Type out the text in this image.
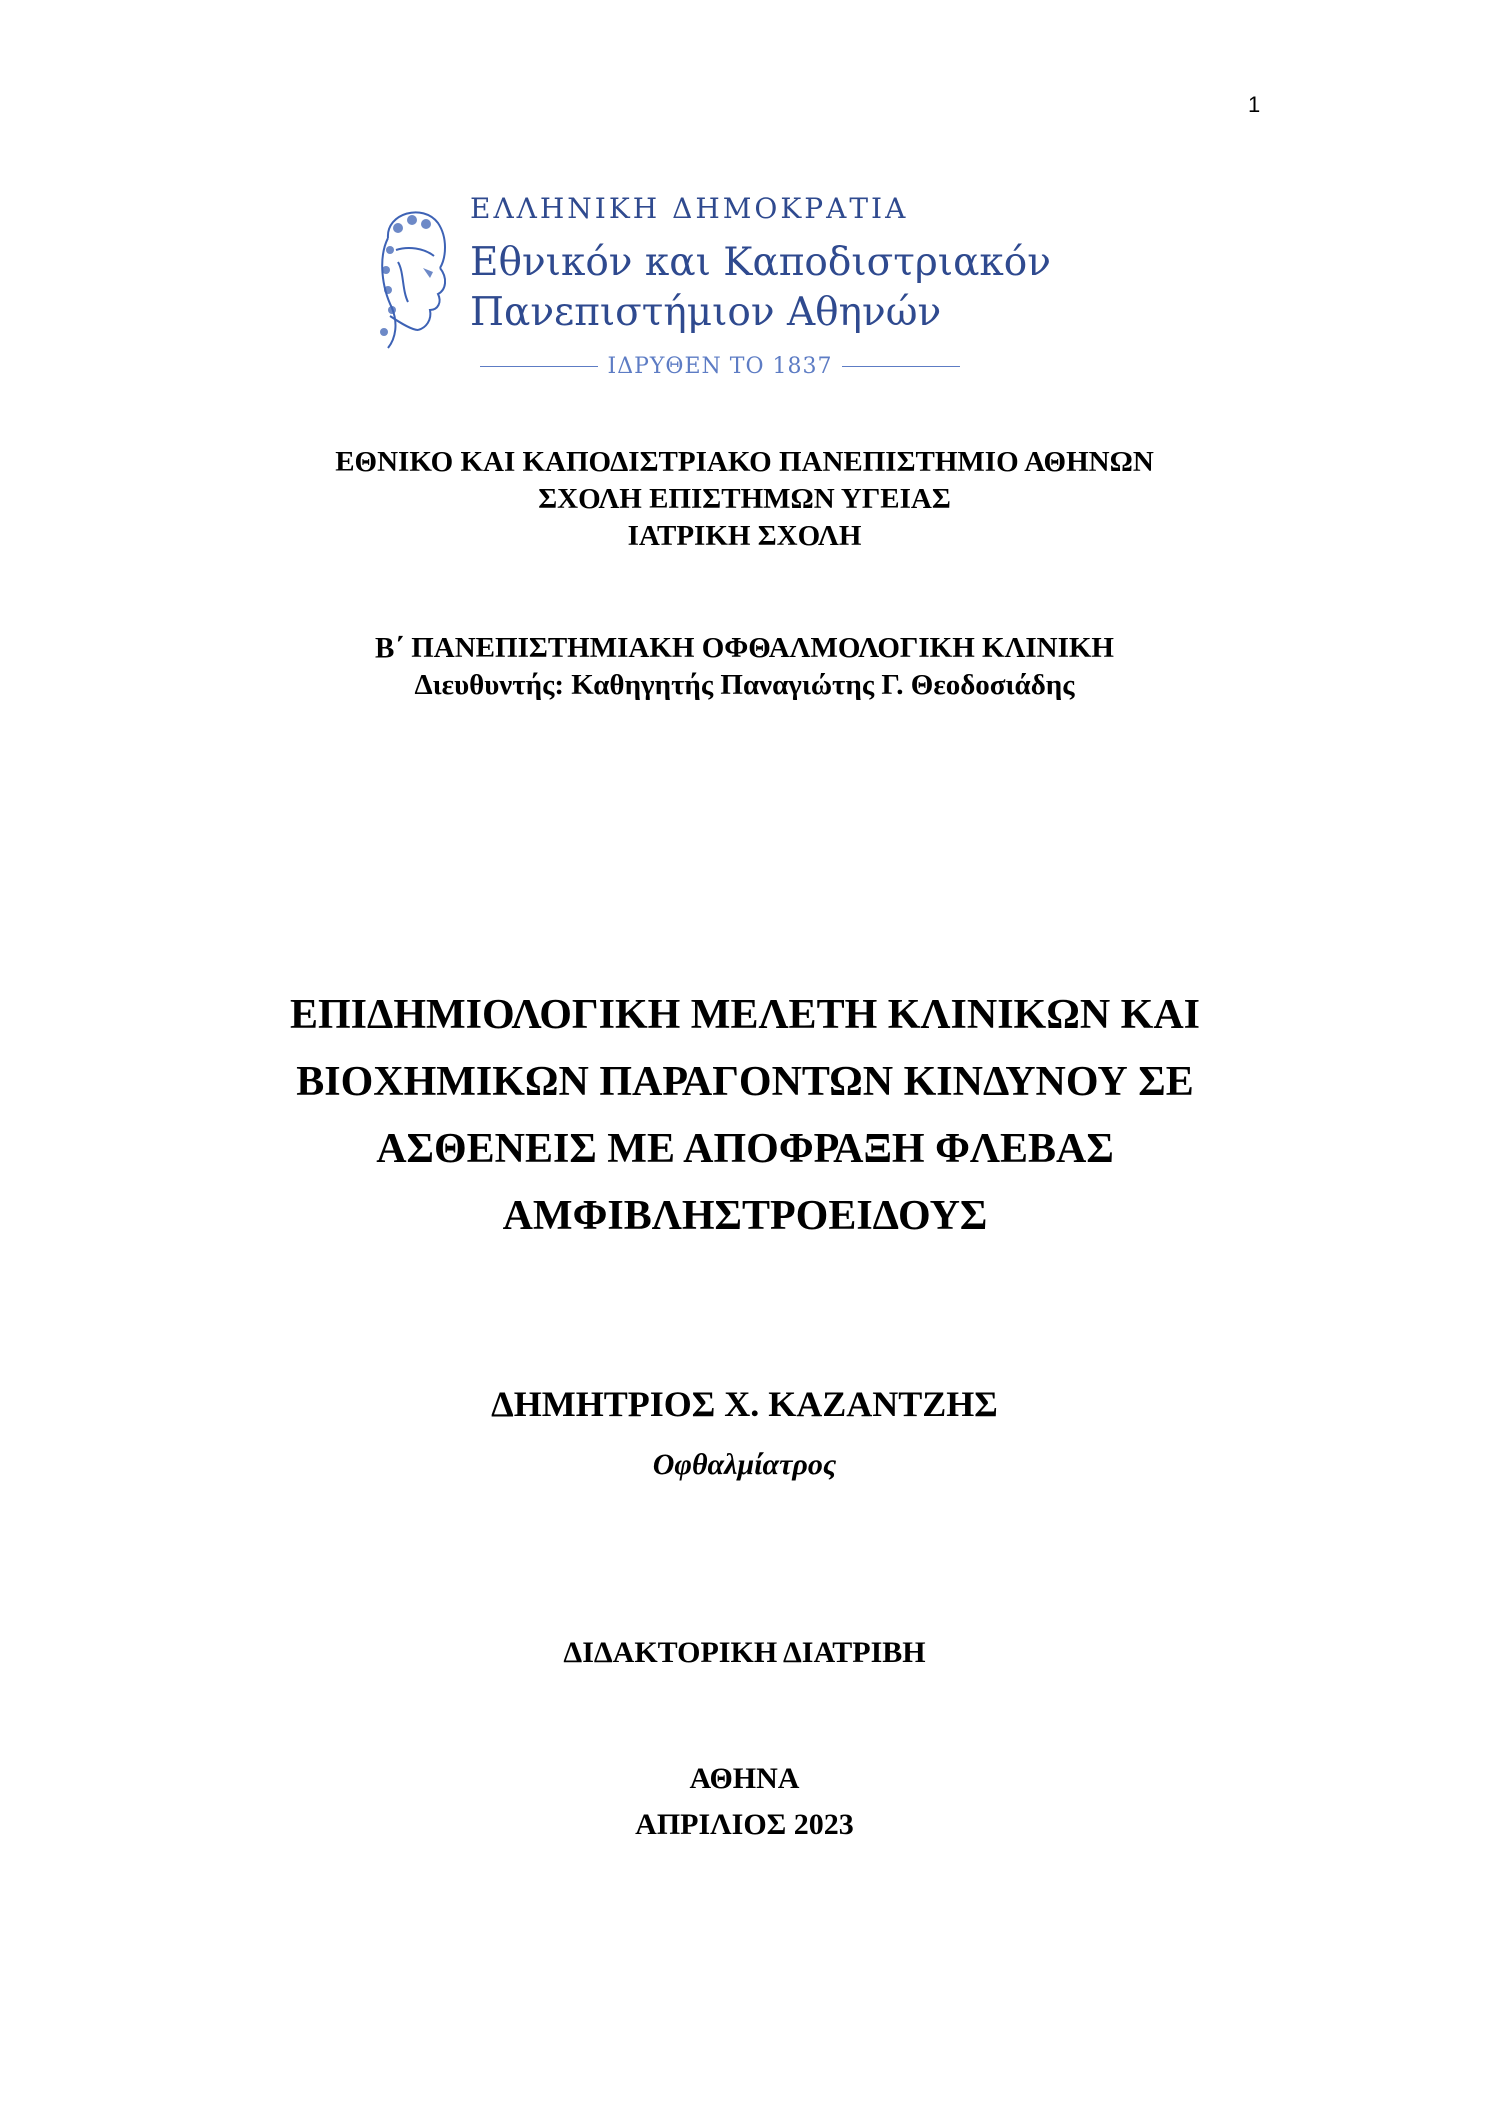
1
ΕΛΛΗΝΙΚΗ ΔΗΜΟΚΡΑΤΙΑ
Εθνικόν και Καποδιστριακόν
Πανεπιστήμιον Αθηνών
ΙΔΡΥΘΕΝ ΤΟ 1837
ΕΘΝΙΚΟ ΚΑΙ ΚΑΠΟΔΙΣΤΡΙΑΚΟ ΠΑΝΕΠΙΣΤΗΜΙΟ ΑΘΗΝΩΝ
ΣΧΟΛΗ ΕΠΙΣΤΗΜΩΝ ΥΓΕΙΑΣ
ΙΑΤΡΙΚΗ ΣΧΟΛΗ
Β΄ ΠΑΝΕΠΙΣΤΗΜΙΑΚΗ ΟΦΘΑΛΜΟΛΟΓΙΚΗ ΚΛΙΝΙΚΗ
Διευθυντής: Καθηγητής Παναγιώτης Γ. Θεοδοσιάδης
ΕΠΙΔΗΜΙΟΛΟΓΙΚΗ ΜΕΛΕΤΗ ΚΛΙΝΙΚΩΝ ΚΑΙ
ΒΙΟΧΗΜΙΚΩΝ ΠΑΡΑΓΟΝΤΩΝ ΚΙΝΔΥΝΟΥ ΣΕ
ΑΣΘΕΝΕΙΣ ΜΕ ΑΠΟΦΡΑΞΗ ΦΛΕΒΑΣ
ΑΜΦΙΒΛΗΣΤΡΟΕΙΔΟΥΣ
ΔΗΜΗΤΡΙΟΣ Χ. ΚΑΖΑΝΤΖΗΣ
Οφθαλμίατρος
ΔΙΔΑΚΤΟΡΙΚΗ ΔΙΑΤΡΙΒΗ
ΑΘΗΝΑ
ΑΠΡΙΛΙΟΣ 2023
